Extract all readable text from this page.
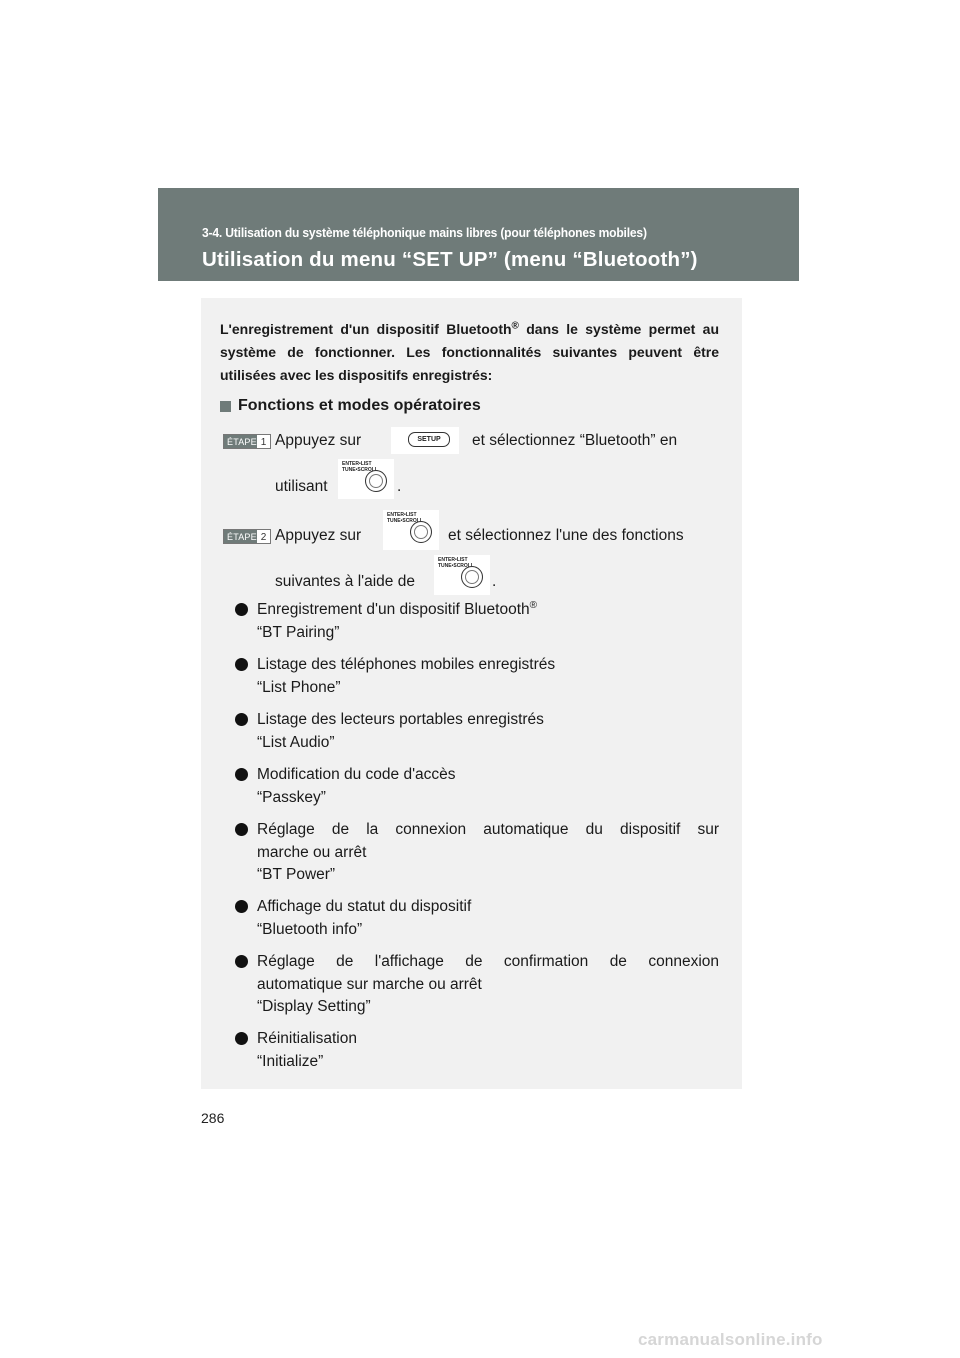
3-4. Utilisation du système téléphonique mains libres (pour téléphones mobiles)
Utilisation du menu “SET UP” (menu “Bluetooth”)
L'enregistrement d'un dispositif Bluetooth® dans le système permet au système de fonctionner. Les fonctionnalités suivantes peuvent être utilisées avec les dispositifs enregistrés:
Fonctions et modes opératoires
ÉTAPE 1 Appuyez sur	SETUP	et sélectionnez “Bluetooth” en
utilisant
ENTER•LIST
TUNE•SCROLL
.
ÉTAPE 2 Appuyez sur
ENTER•LIST
TUNE•SCROLL
et sélectionnez l'une des fonctions
suivantes à l'aide de
ENTER•LIST
TUNE•SCROLL
.
Enregistrement d'un dispositif Bluetooth®
“BT Pairing”
Listage des téléphones mobiles enregistrés
“List Phone”
Listage des lecteurs portables enregistrés
“List Audio”
Modification du code d'accès
“Passkey”
Réglage de la connexion automatique du dispositif sur
marche ou arrêt
“BT Power”
Affichage du statut du dispositif
“Bluetooth info”
Réglage de l'affichage de confirmation de connexion
automatique sur marche ou arrêt
“Display Setting”
Réinitialisation
“Initialize”
286
carmanualsonline.info
